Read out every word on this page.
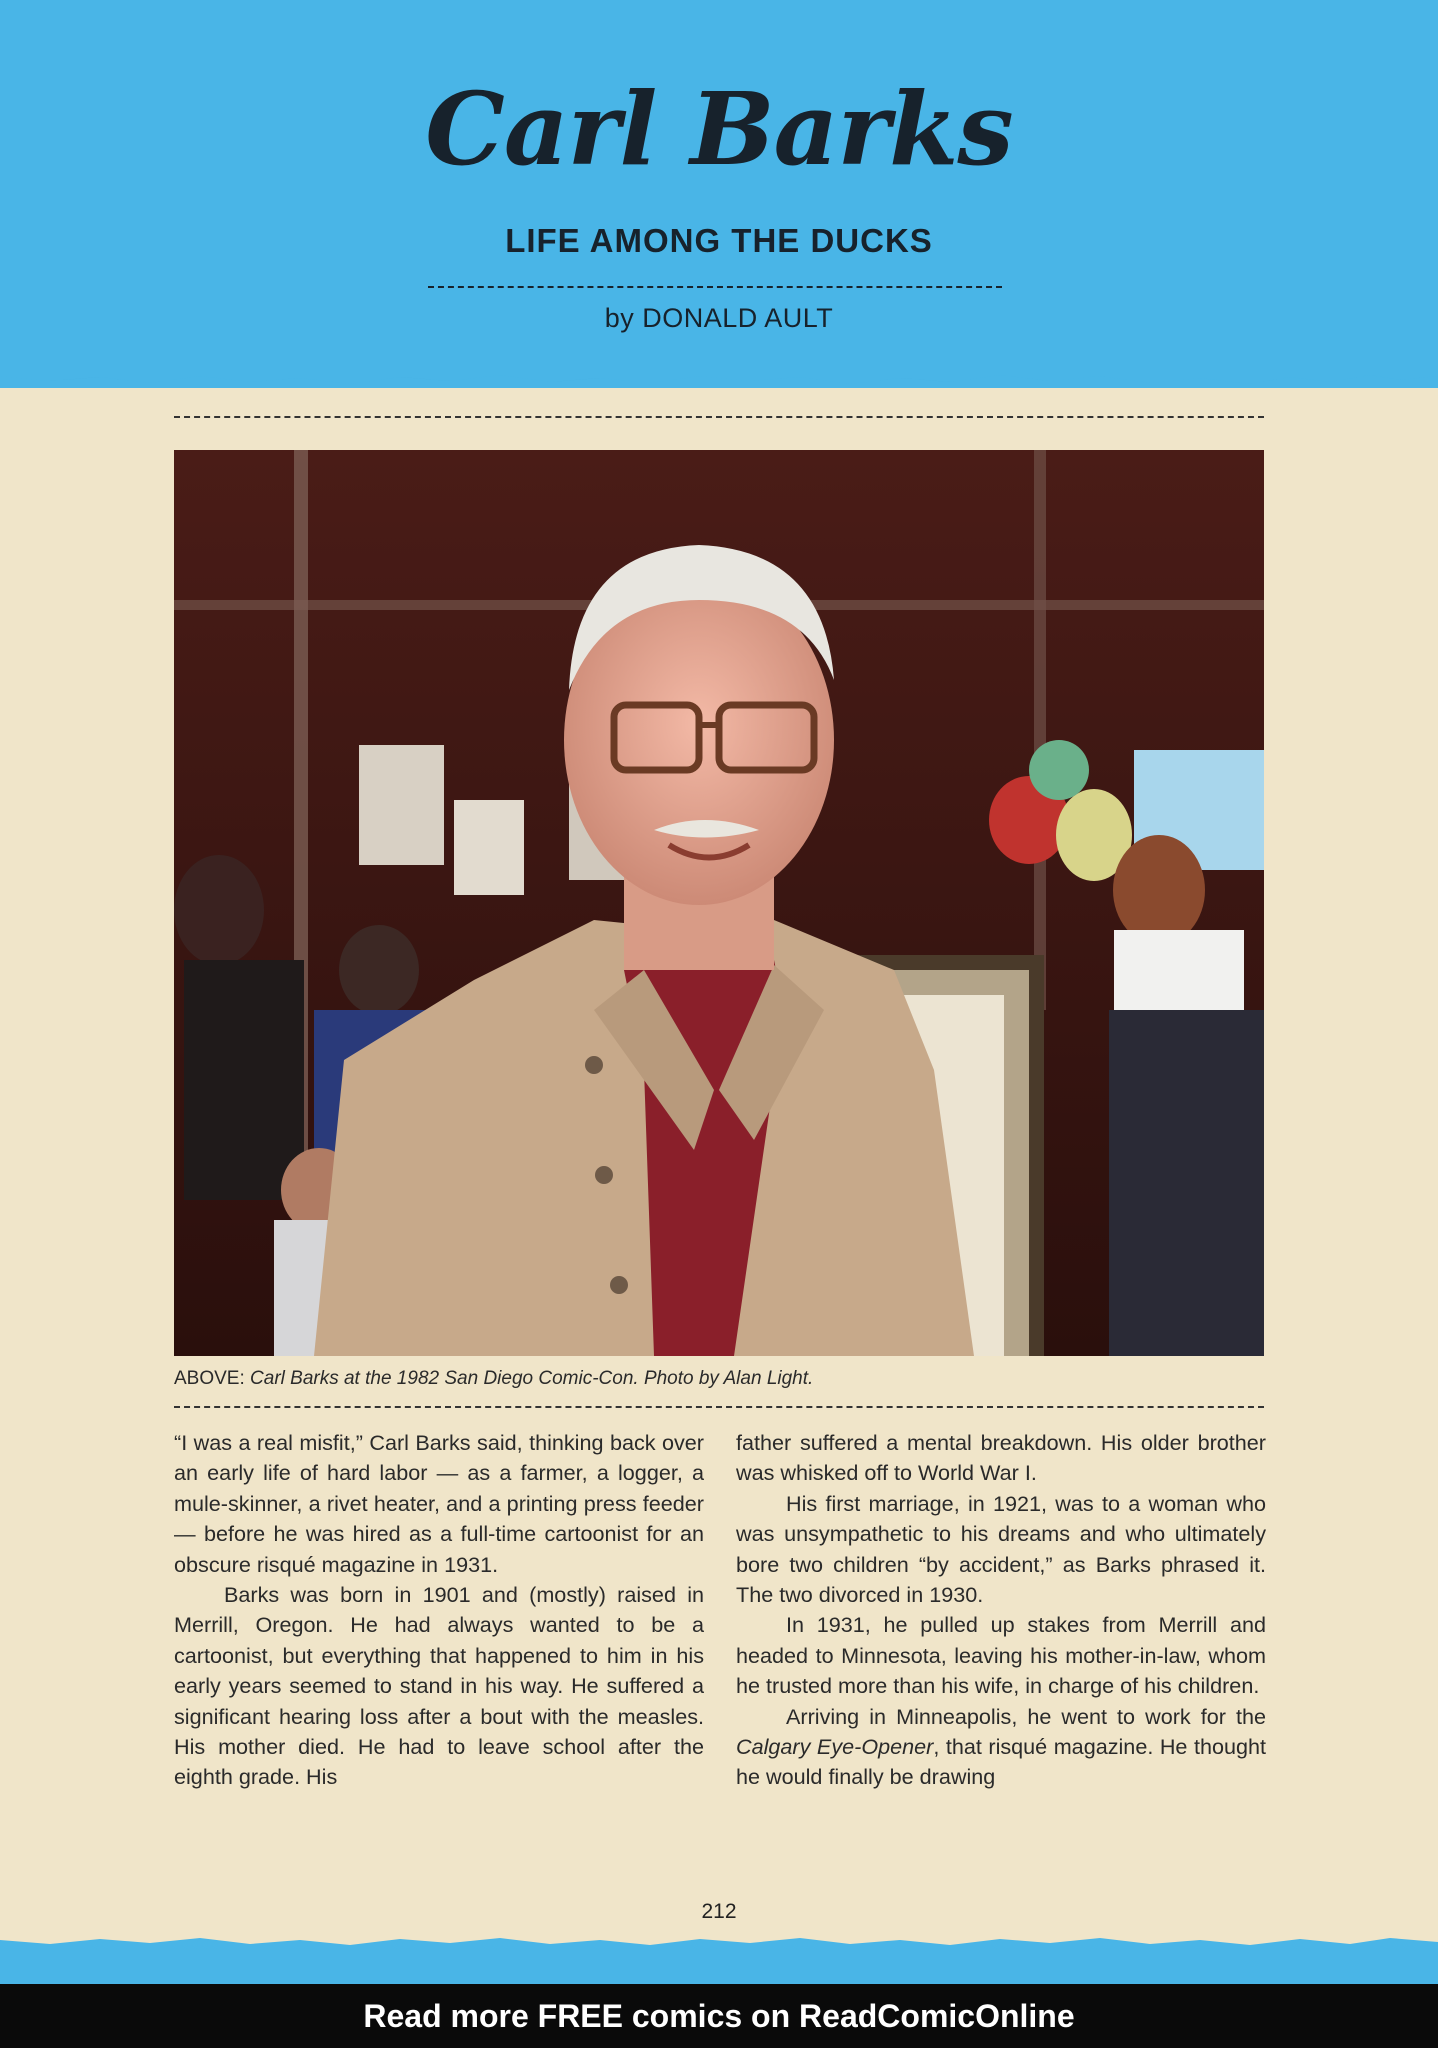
Carl Barks
LIFE AMONG THE DUCKS
by DONALD AULT
ABOVE: Carl Barks at the 1982 San Diego Comic-Con. Photo by Alan Light.

“I was a real misfit,” Carl Barks said, thinking back over an early life of hard labor — as a farmer, a logger, a mule-skinner, a rivet heater, and a printing press feeder — before he was hired as a full-time cartoonist for an obscure risqué magazine in 1931.

Barks was born in 1901 and (mostly) raised in Merrill, Oregon. He had always wanted to be a cartoonist, but everything that happened to him in his early years seemed to stand in his way. He suffered a significant hearing loss after a bout with the measles. His mother died. He had to leave school after the eighth grade. His

father suffered a mental breakdown. His older brother was whisked off to World War I.

His first marriage, in 1921, was to a woman who was unsympathetic to his dreams and who ultimately bore two children “by accident,” as Barks phrased it. The two divorced in 1930.

In 1931, he pulled up stakes from Merrill and headed to Minnesota, leaving his mother-in-law, whom he trusted more than his wife, in charge of his children.

Arriving in Minneapolis, he went to work for the Calgary Eye-Opener, that risqué magazine. He thought he would finally be drawing

212
Read more FREE comics on ReadComicOnline
